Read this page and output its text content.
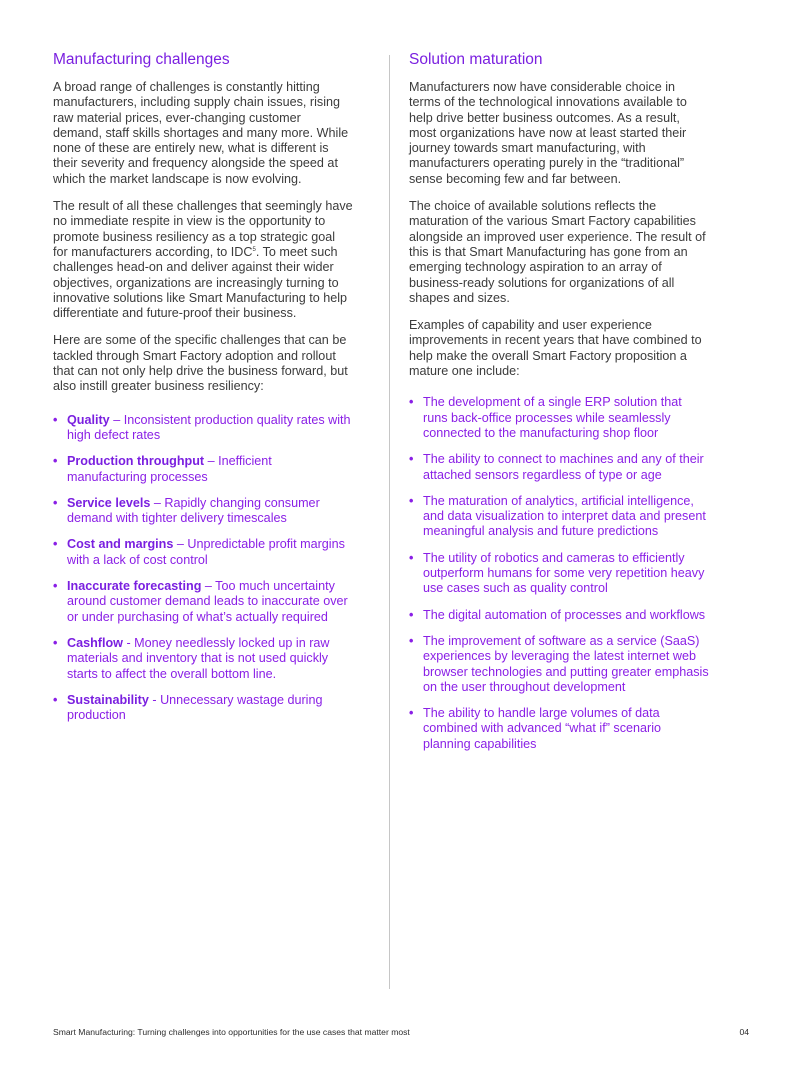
Manufacturing challenges

A broad range of challenges is constantly hitting manufacturers, including supply chain issues, rising raw material prices, ever-changing customer demand, staff skills shortages and many more. While none of these are entirely new, what is different is their severity and frequency alongside the speed at which the market landscape is now evolving.

The result of all these challenges that seemingly have no immediate respite in view is the opportunity to promote business resiliency as a top strategic goal for manufacturers according, to IDC$^5$. To meet such challenges head-on and deliver against their wider objectives, organizations are increasingly turning to innovative solutions like Smart Manufacturing to help differentiate and future-proof their business.

Here are some of the specific challenges that can be tackled through Smart Factory adoption and rollout that can not only help drive the business forward, but also instill greater business resiliency:

• Quality – Inconsistent production quality rates with high defect rates
• Production throughput – Inefficient manufacturing processes
• Service levels – Rapidly changing consumer demand with tighter delivery timescales
• Cost and margins – Unpredictable profit margins with a lack of cost control
• Inaccurate forecasting – Too much uncertainty around customer demand leads to inaccurate over or under purchasing of what’s actually required
• Cashflow - Money needlessly locked up in raw materials and inventory that is not used quickly starts to affect the overall bottom line.
• Sustainability - Unnecessary wastage during production
Solution maturation

Manufacturers now have considerable choice in terms of the technological innovations available to help drive better business outcomes. As a result, most organizations have now at least started their journey towards smart manufacturing, with manufacturers operating purely in the “traditional” sense becoming few and far between.

The choice of available solutions reflects the maturation of the various Smart Factory capabilities alongside an improved user experience. The result of this is that Smart Manufacturing has gone from an emerging technology aspiration to an array of business-ready solutions for organizations of all shapes and sizes.

Examples of capability and user experience improvements in recent years that have combined to help make the overall Smart Factory proposition a mature one include:

• The development of a single ERP solution that runs back-office processes while seamlessly connected to the manufacturing shop floor
• The ability to connect to machines and any of their attached sensors regardless of type or age
• The maturation of analytics, artificial intelligence, and data visualization to interpret data and present meaningful analysis and future predictions
• The utility of robotics and cameras to efficiently outperform humans for some very repetition heavy use cases such as quality control
• The digital automation of processes and workflows
• The improvement of software as a service (SaaS) experiences by leveraging the latest internet web browser technologies and putting greater emphasis on the user throughout development
• The ability to handle large volumes of data combined with advanced “what if” scenario planning capabilities
Smart Manufacturing: Turning challenges into opportunities for the use cases that matter most	04
